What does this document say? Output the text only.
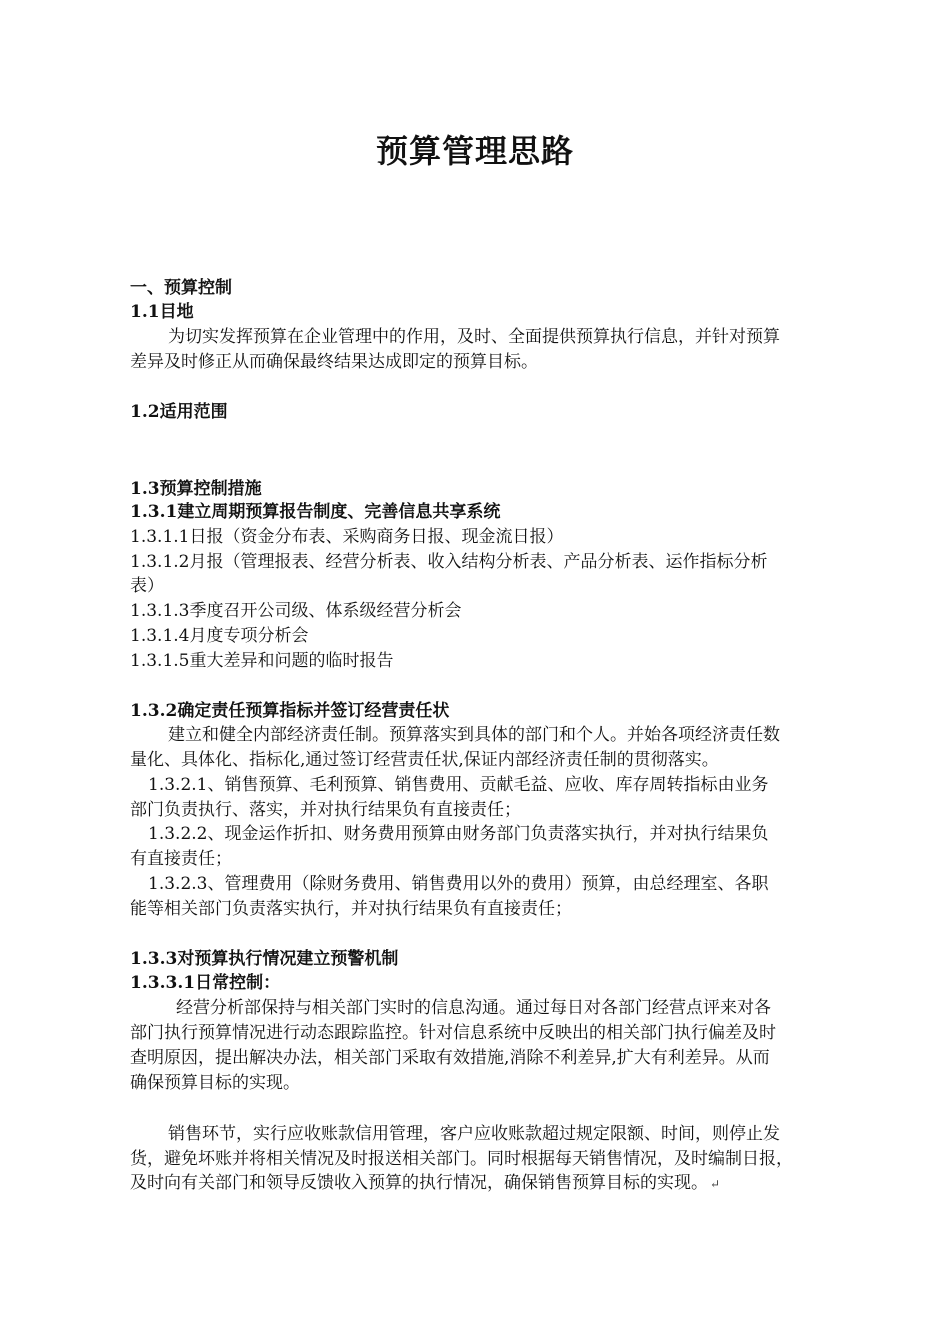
预算管理思路
一、预算控制
1.1目地
为切实发挥预算在企业管理中的作用，及时、全面提供预算执行信息，并针对预算
差异及时修正从而确保最终结果达成即定的预算目标。
1.2适用范围
1.3预算控制措施
1.3.1建立周期预算报告制度、完善信息共享系统
1.3.1.1日报（资金分布表、采购商务日报、现金流日报）
1.3.1.2月报（管理报表、经营分析表、收入结构分析表、产品分析表、运作指标分析
表）
1.3.1.3季度召开公司级、体系级经营分析会
1.3.1.4月度专项分析会
1.3.1.5重大差异和问题的临时报告
1.3.2确定责任预算指标并签订经营责任状
建立和健全内部经济责任制。预算落实到具体的部门和个人。并始各项经济责任数
量化、具体化、指标化,通过签订经营责任状,保证内部经济责任制的贯彻落实。
1.3.2.1、销售预算、毛利预算、销售费用、贡献毛益、应收、库存周转指标由业务
部门负责执行、落实，并对执行结果负有直接责任；
1.3.2.2、现金运作折扣、财务费用预算由财务部门负责落实执行，并对执行结果负
有直接责任；
1.3.2.3、管理费用（除财务费用、销售费用以外的费用）预算，由总经理室、各职
能等相关部门负责落实执行，并对执行结果负有直接责任；
1.3.3对预算执行情况建立预警机制
1.3.3.1日常控制：
经营分析部保持与相关部门实时的信息沟通。通过每日对各部门经营点评来对各
部门执行预算情况进行动态跟踪监控。针对信息系统中反映出的相关部门执行偏差及时
查明原因，提出解决办法，相关部门采取有效措施,消除不利差异,扩大有利差异。从而
确保预算目标的实现。
销售环节，实行应收账款信用管理，客户应收账款超过规定限额、时间，则停止发
货，避免坏账并将相关情况及时报送相关部门。同时根据每天销售情况，及时编制日报，
及时向有关部门和领导反馈收入预算的执行情况，确保销售预算目标的实现。 ↵
